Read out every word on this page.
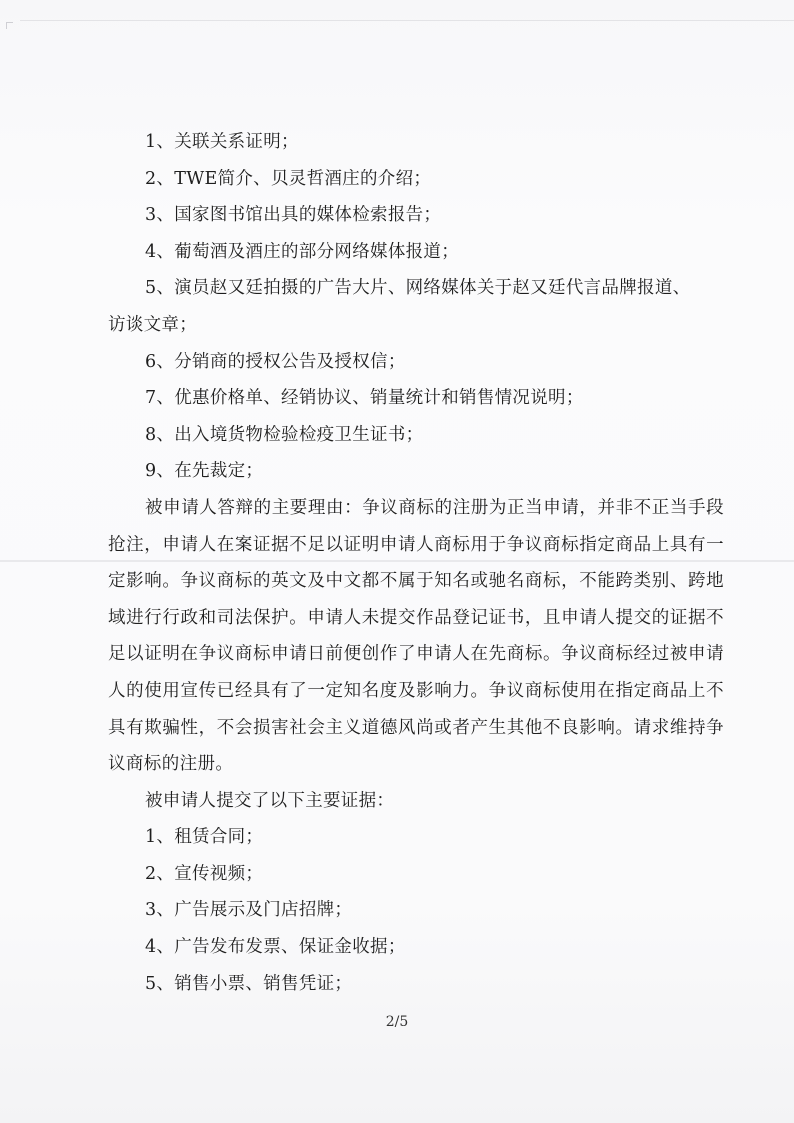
1、关联关系证明；
2、TWE简介、贝灵哲酒庄的介绍；
3、国家图书馆出具的媒体检索报告；
4、葡萄酒及酒庄的部分网络媒体报道；
5、演员赵又廷拍摄的广告大片、网络媒体关于赵又廷代言品牌报道、
访谈文章；
6、分销商的授权公告及授权信；
7、优惠价格单、经销协议、销量统计和销售情况说明；
8、出入境货物检验检疫卫生证书；
9、在先裁定；

被申请人答辩的主要理由：争议商标的注册为正当申请，并非不正当手段抢注，申请人在案证据不足以证明申请人商标用于争议商标指定商品上具有一定影响。争议商标的英文及中文都不属于知名或驰名商标，不能跨类别、跨地域进行行政和司法保护。申请人未提交作品登记证书，且申请人提交的证据不足以证明在争议商标申请日前便创作了申请人在先商标。争议商标经过被申请人的使用宣传已经具有了一定知名度及影响力。争议商标使用在指定商品上不具有欺骗性，不会损害社会主义道德风尚或者产生其他不良影响。请求维持争议商标的注册。

被申请人提交了以下主要证据：
1、租赁合同；
2、宣传视频；
3、广告展示及门店招牌；
4、广告发布发票、保证金收据；
5、销售小票、销售凭证；
2/5
